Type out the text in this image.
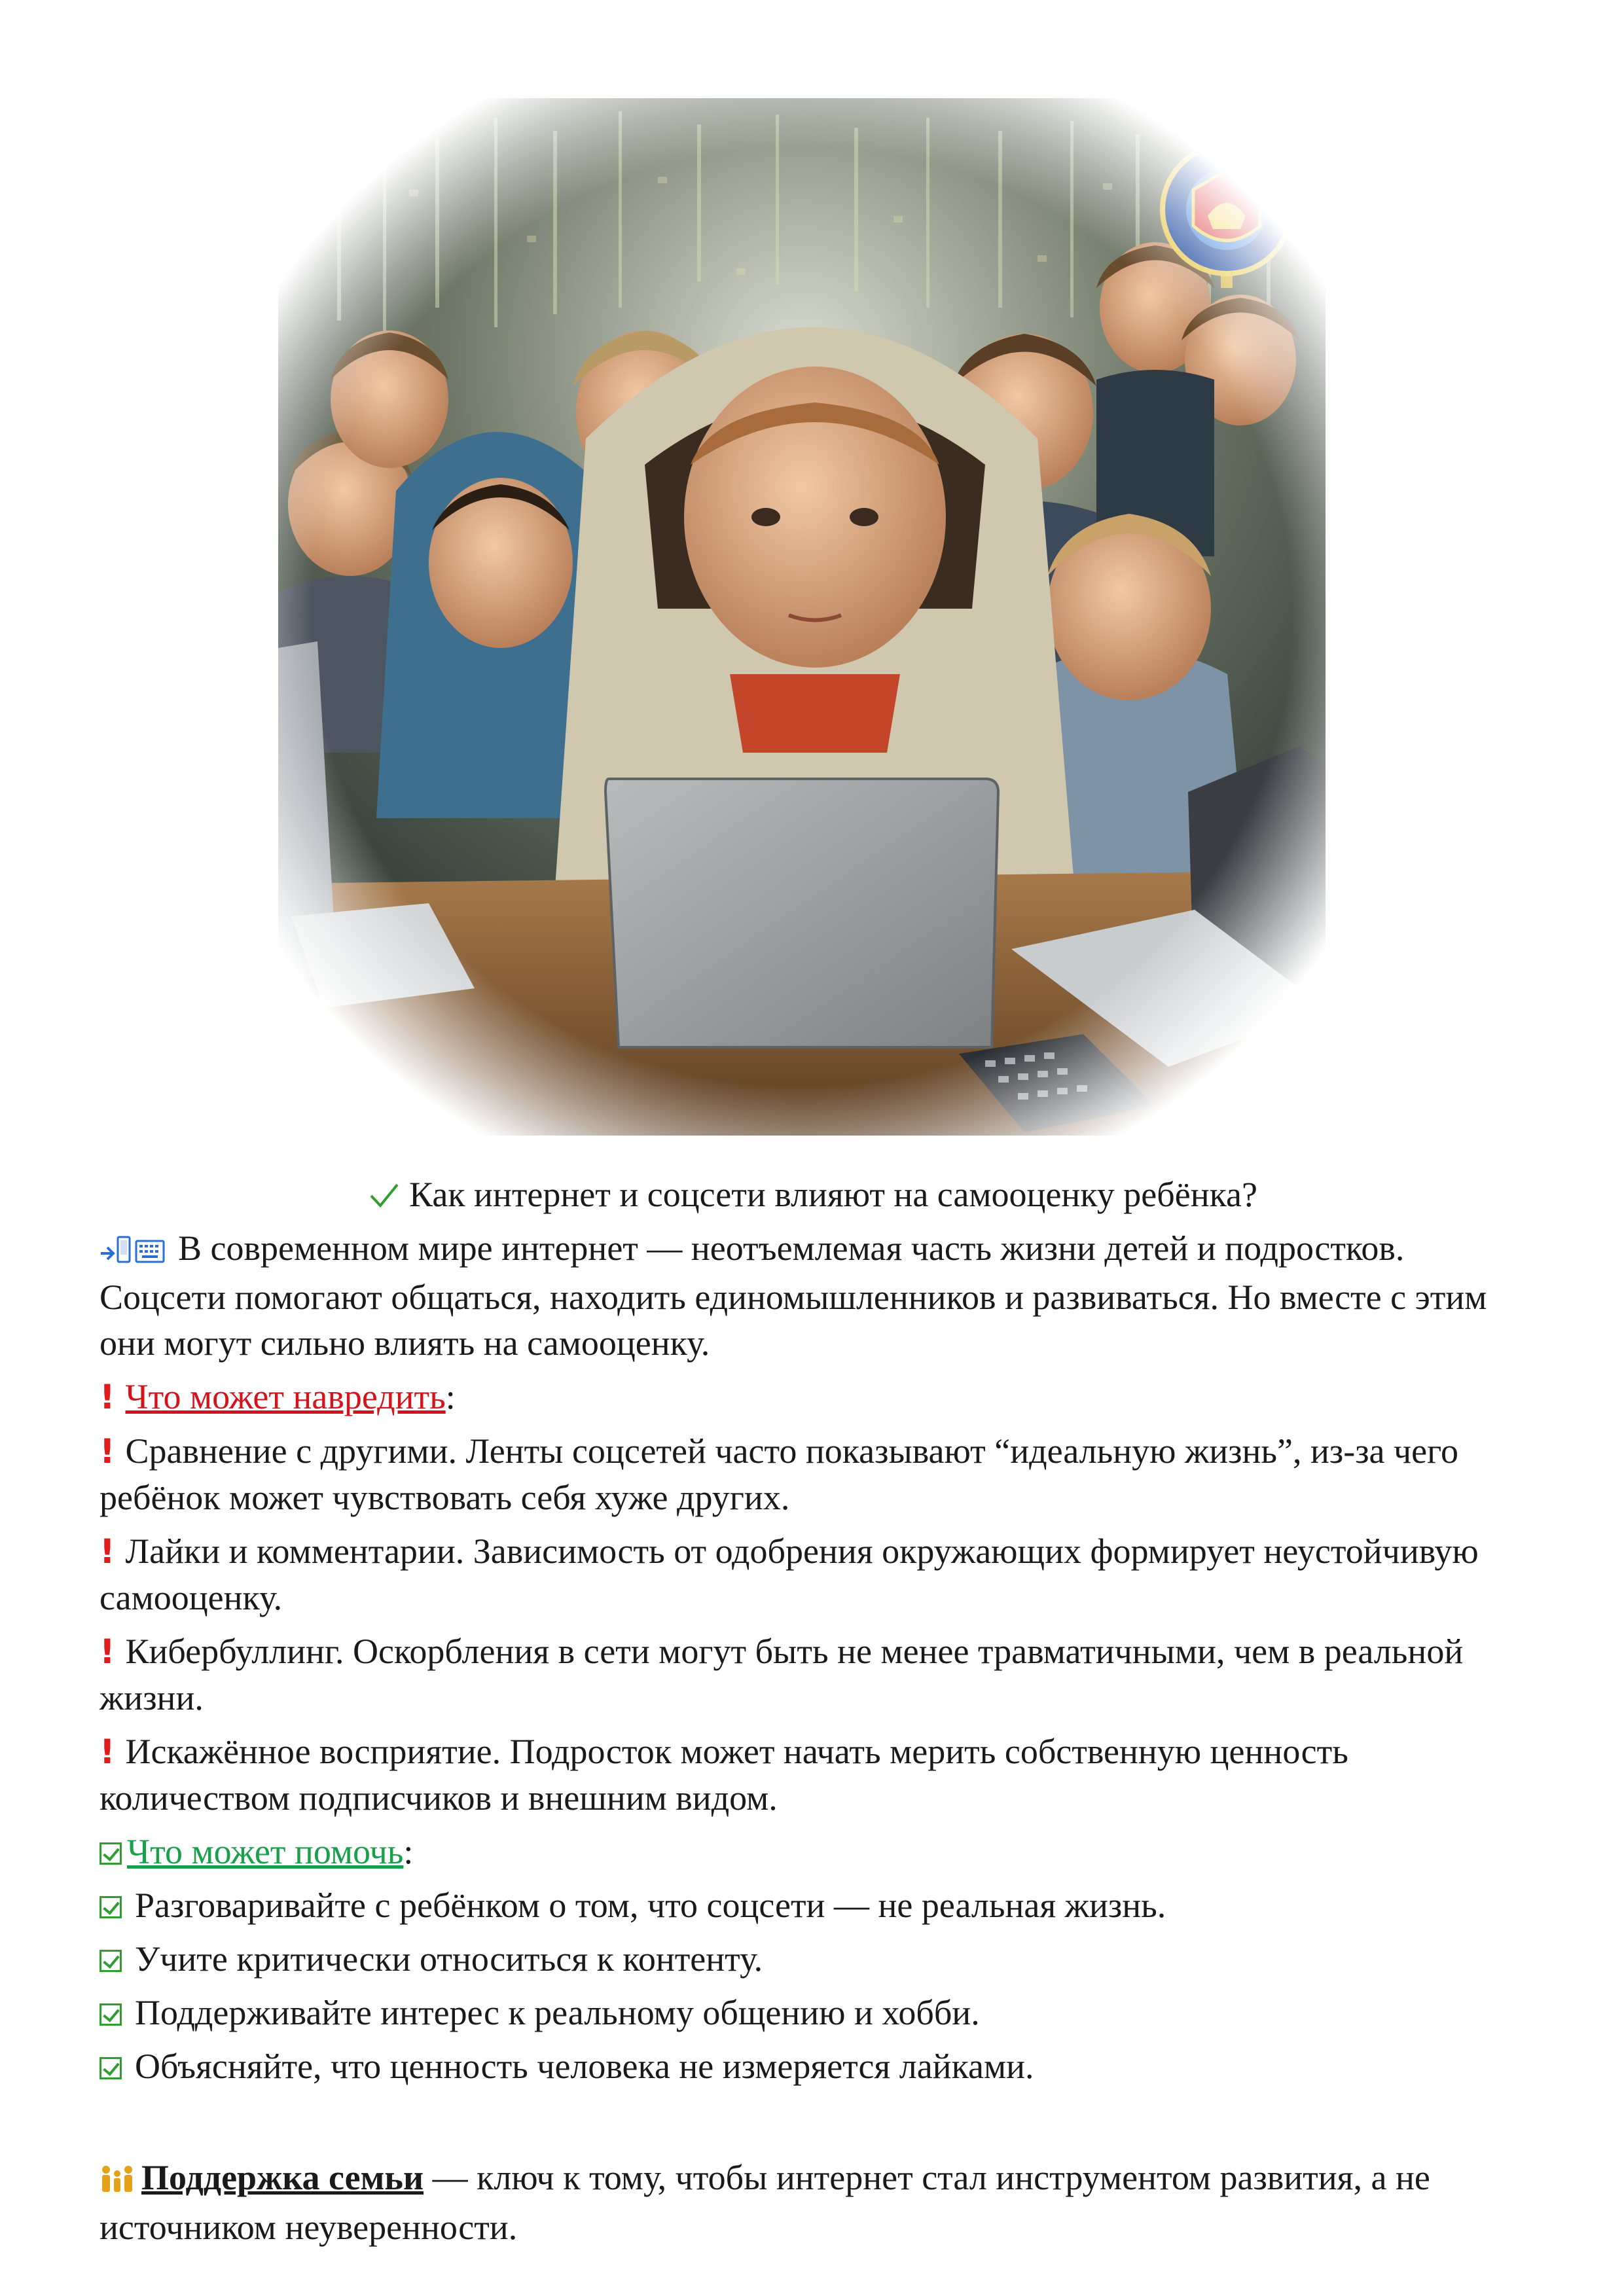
Как интернет и соцсети влияют на самооценку ребёнка?

В современном мире интернет — неотъемлемая часть жизни детей и подростков. Соцсети помогают общаться, находить единомышленников и развиваться. Но вместе с этим они могут сильно влиять на самооценку.

! Что может навредить:

! Сравнение с другими. Ленты соцсетей часто показывают “идеальную жизнь”, из-за чего ребёнок может чувствовать себя хуже других.

! Лайки и комментарии. Зависимость от одобрения окружающих формирует неустойчивую самооценку.

! Кибербуллинг. Оскорбления в сети могут быть не менее травматичными, чем в реальной жизни.

! Искажённое восприятие. Подросток может начать мерить собственную ценность количеством подписчиков и внешним видом.

Что может помочь:

Разговаривайте с ребёнком о том, что соцсети — не реальная жизнь.

Учите критически относиться к контенту.

Поддерживайте интерес к реальному общению и хобби.

Объясняйте, что ценность человека не измеряется лайками.

Поддержка семьи — ключ к тому, чтобы интернет стал инструментом развития, а не источником неуверенности.
